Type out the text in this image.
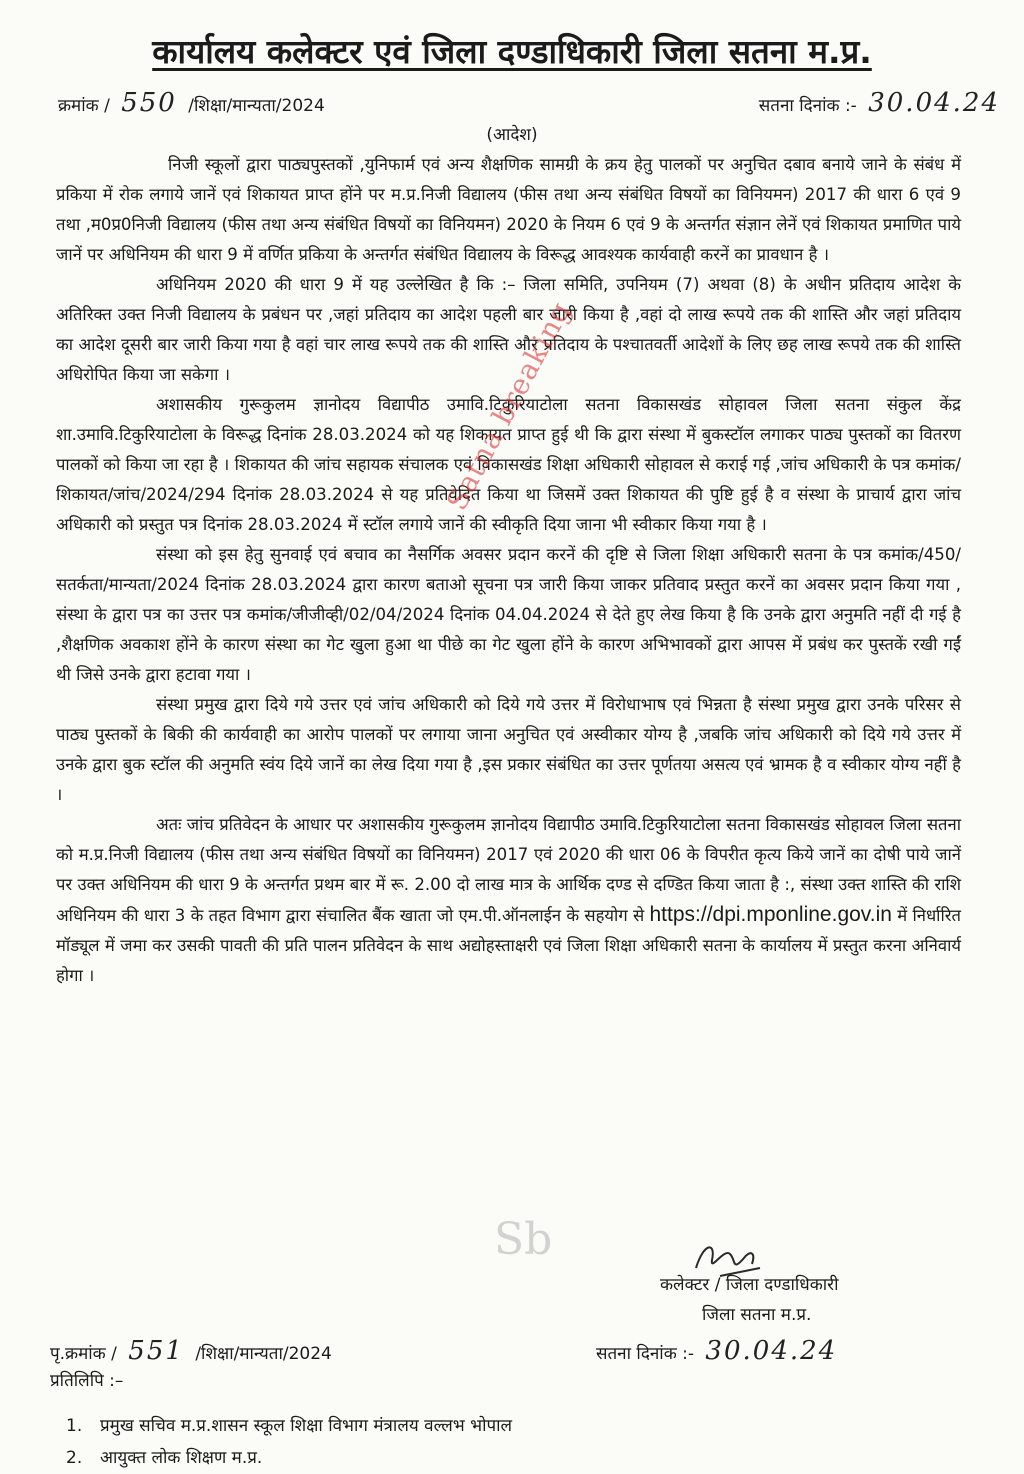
कार्यालय कलेक्टर एवं जिला दण्डाधिकारी जिला सतना म.प्र.
क्रमांक / 550 /शिक्षा/मान्यता/2024	सतना दिनांक :- 30.04.24
(आदेश)

निजी स्कूलों द्वारा पाठ्यपुस्तकों ,युनिफार्म एवं अन्य शैक्षणिक सामग्री के क्रय हेतु पालकों पर अनुचित दबाव बनाये जाने के संबंध में प्रकिया में रोक लगाये जानें एवं शिकायत प्राप्त होंने पर म.प्र.निजी विद्यालय (फीस तथा अन्य संबंधित विषयों का विनियमन) 2017 की धारा 6 एवं 9 तथा ,म0प्र0निजी विद्यालय (फीस तथा अन्य संबंधित विषयों का विनियमन) 2020 के नियम 6 एवं 9 के अन्तर्गत संज्ञान लेनें एवं शिकायत प्रमाणित पाये जानें पर अधिनियम की धारा 9 में वर्णित प्रकिया के अन्तर्गत संबंधित विद्यालय के विरूद्ध आवश्यक कार्यवाही करनें का प्रावधान है ।

अधिनियम 2020 की धारा 9 में यह उल्लेखित है कि :– जिला समिति, उपनियम (7) अथवा (8) के अधीन प्रतिदाय आदेश के अतिरिक्त उक्त निजी विद्यालय के प्रबंधन पर ,जहां प्रतिदाय का आदेश पहली बार जारी किया है ,वहां दो लाख रूपये तक की शास्ति और जहां प्रतिदाय का आदेश दूसरी बार जारी किया गया है वहां चार लाख रूपये तक की शास्ति और प्रतिदाय के पश्चातवर्ती आदेशों के लिए छह लाख रूपये तक की शास्ति अधिरोपित किया जा सकेगा ।

अशासकीय गुरूकुलम ज्ञानोदय विद्यापीठ उमावि.टिकुरियाटोला सतना विकासखंड सोहावल जिला सतना संकुल केंद्र शा.उमावि.टिकुरियाटोला के विरूद्ध दिनांक 28.03.2024 को यह शिकायत प्राप्त हुई थी कि द्वारा संस्था में बुकस्टॉल लगाकर पाठ्य पुस्तकों का वितरण पालकों को किया जा रहा है । शिकायत की जांच सहायक संचालक एवं विकासखंड शिक्षा अधिकारी सोहावल से कराई गई ,जांच अधिकारी के पत्र कमांक/शिकायत/जांच/2024/294 दिनांक 28.03.2024 से यह प्रतिवेदित किया था जिसमें उक्त शिकायत की पुष्टि हुई है व संस्था के प्राचार्य द्वारा जांच अधिकारी को प्रस्तुत पत्र दिनांक 28.03.2024 में स्टॉल लगाये जानें की स्वीकृति दिया जाना भी स्वीकार किया गया है ।

संस्था को इस हेतु सुनवाई एवं बचाव का नैसर्गिक अवसर प्रदान करनें की दृष्टि से जिला शिक्षा अधिकारी सतना के पत्र कमांक/450/सतर्कता/मान्यता/2024 दिनांक 28.03.2024 द्वारा कारण बताओ सूचना पत्र जारी किया जाकर प्रतिवाद प्रस्तुत करनें का अवसर प्रदान किया गया , संस्था के द्वारा पत्र का उत्तर पत्र कमांक/जीजीव्ही/02/04/2024 दिनांक 04.04.2024 से देते हुए लेख किया है कि उनके द्वारा अनुमति नहीं दी गई है ,शैक्षणिक अवकाश होंने के कारण संस्था का गेट खुला हुआ था पीछे का गेट खुला होंने के कारण अभिभावकों द्वारा आपस में प्रबंध कर पुस्तकें रखी गईं थी जिसे उनके द्वारा हटावा गया ।

संस्था प्रमुख द्वारा दिये गये उत्तर एवं जांच अधिकारी को दिये गये उत्तर में विरोधाभाष एवं भिन्नता है संस्था प्रमुख द्वारा उनके परिसर से पाठ्य पुस्तकों के बिकी की कार्यवाही का आरोप पालकों पर लगाया जाना अनुचित एवं अस्वीकार योग्य है ,जबकि जांच अधिकारी को दिये गये उत्तर में उनके द्वारा बुक स्टॉल की अनुमति स्वंय दिये जानें का लेख दिया गया है ,इस प्रकार संबंधित का उत्तर पूर्णतया असत्य एवं भ्रामक है व स्वीकार योग्य नहीं है ।

अतः जांच प्रतिवेदन के आधार पर अशासकीय गुरूकुलम ज्ञानोदय विद्यापीठ उमावि.टिकुरियाटोला सतना विकासखंड सोहावल जिला सतना को म.प्र.निजी विद्यालय (फीस तथा अन्य संबंधित विषयों का विनियमन) 2017 एवं 2020 की धारा 06 के विपरीत कृत्य किये जानें का दोषी पाये जानें पर उक्त अधिनियम की धारा 9 के अन्तर्गत प्रथम बार में रू. 2.00 दो लाख मात्र के आर्थिक दण्ड से दण्डित किया जाता है :, संस्था उक्त शास्ति की राशि अधिनियम की धारा 3 के तहत विभाग द्वारा संचालित बैंक खाता जो एम.पी.ऑनलाईन के सहयोग से https://dpi.mponline.gov.in में निर्धारित मॉड्यूल में जमा कर उसकी पावती की प्रति पालन प्रतिवेदन के साथ अद्योहस्ताक्षरी एवं जिला शिक्षा अधिकारी सतना के कार्यालय में प्रस्तुत करना अनिवार्य होगा ।

Satna breaking
Sb
कलेक्टर / जिला दण्डाधिकारी
जिला सतना म.प्र.
पृ.क्रमांक / 551 /शिक्षा/मान्यता/2024	सतना दिनांक :- 30.04.24
प्रतिलिपि :–
1. प्रमुख सचिव म.प्र.शासन स्कूल शिक्षा विभाग मंत्रालय वल्लभ भोपाल
2. आयुक्त लोक शिक्षण म.प्र.
